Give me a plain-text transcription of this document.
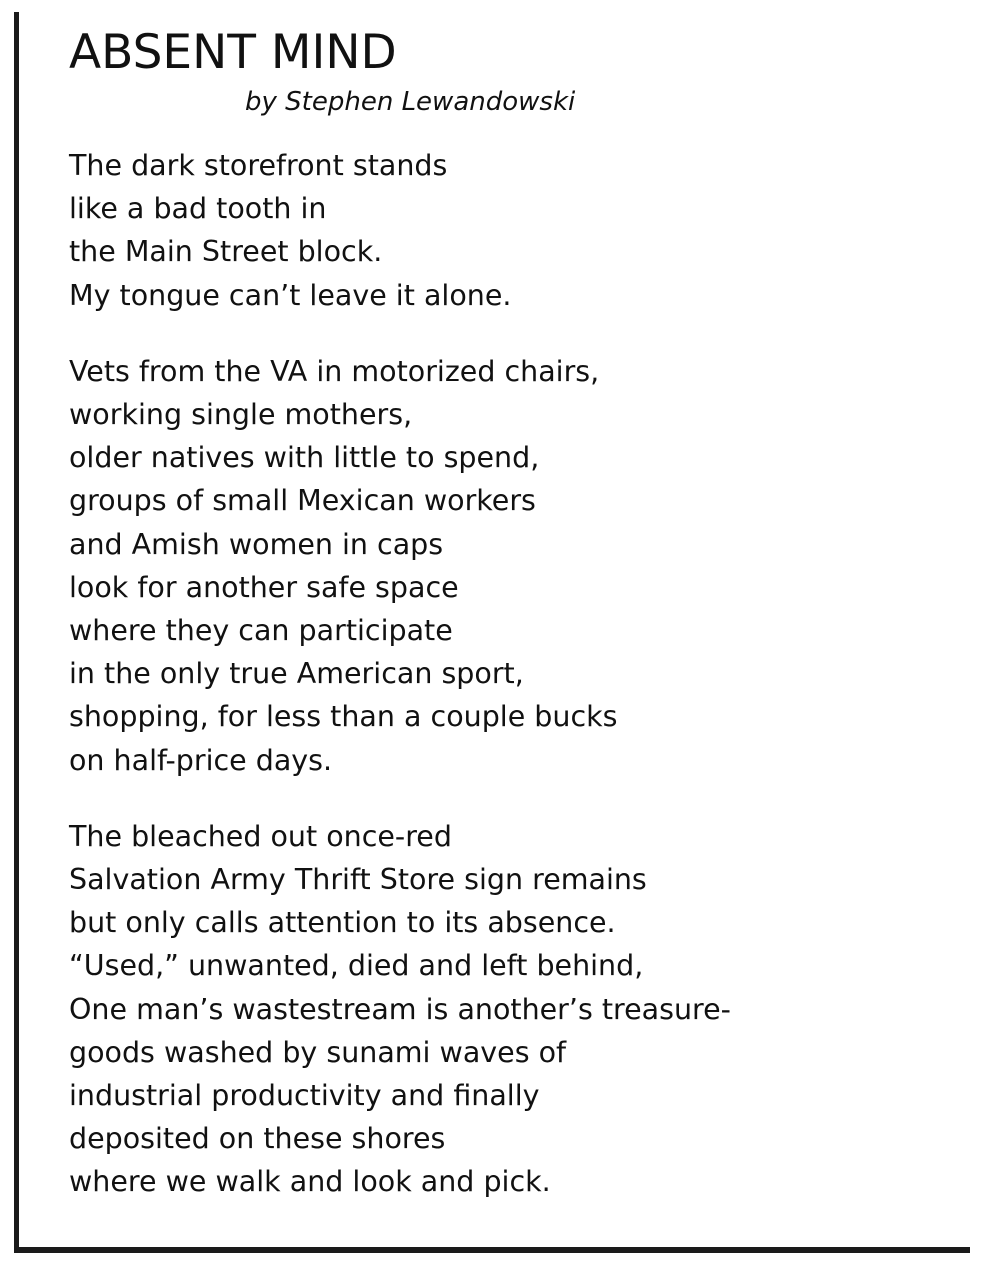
ABSENT MIND

by Stephen Lewandowski

The dark storefront stands
like a bad tooth in
the Main Street block.
My tongue can’t leave it alone.
Vets from the VA in motorized chairs,
working single mothers,
older natives with little to spend,
groups of small Mexican workers
and Amish women in caps
look for another safe space
where they can participate
in the only true American sport,
shopping, for less than a couple bucks
on half-price days.
The bleached out once-red
Salvation Army Thrift Store sign remains
but only calls attention to its absence.
“Used,” unwanted, died and left behind,
One man’s wastestream is another’s treasure-
goods washed by sunami waves of
industrial productivity and finally
deposited on these shores
where we walk and look and pick.
